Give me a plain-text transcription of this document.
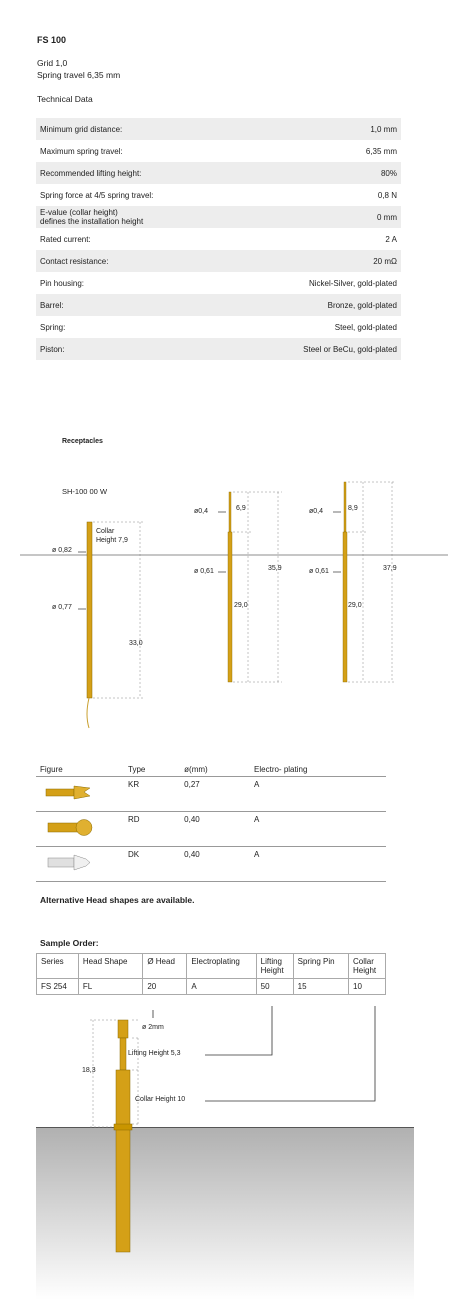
FS 100
Grid 1,0
Spring travel 6,35 mm
Technical Data
Minimum grid distance:	1,0 mm
Maximum spring travel:	6,35 mm
Recommended lifting height:	80%
Spring force at 4/5 spring travel:	0,8 N
E-value (collar height)
defines the installation height	0 mm
Rated current:	2 A
Contact resistance:	20 mΩ
Pin housing:	Nickel-Silver, gold-plated
Barrel:	Bronze, gold-plated
Spring:	Steel, gold-plated
Piston:	Steel or BeCu, gold-plated
Receptacles
SH-100 00 W
Collar
Height 7,9
ø 0,82
ø 0,77
33,0
ø0,4	6,9
ø 0,61	35,9
29,0
ø0,4	8,9
ø 0,61	37,9
29,0
Figure	Type	ø(mm)	Electro- plating
	KR	0,27	A
	RD	0,40	A
	DK	0,40	A
Alternative Head shapes are available.
Sample Order:
Series	Head Shape	Ø Head	Electroplating	Lifting Height	Spring Pin	Collar Height
FS 254	FL	20	A	50	15	10
ø 2mm
Lifting Height 5,3
Collar Height 10
18,3
